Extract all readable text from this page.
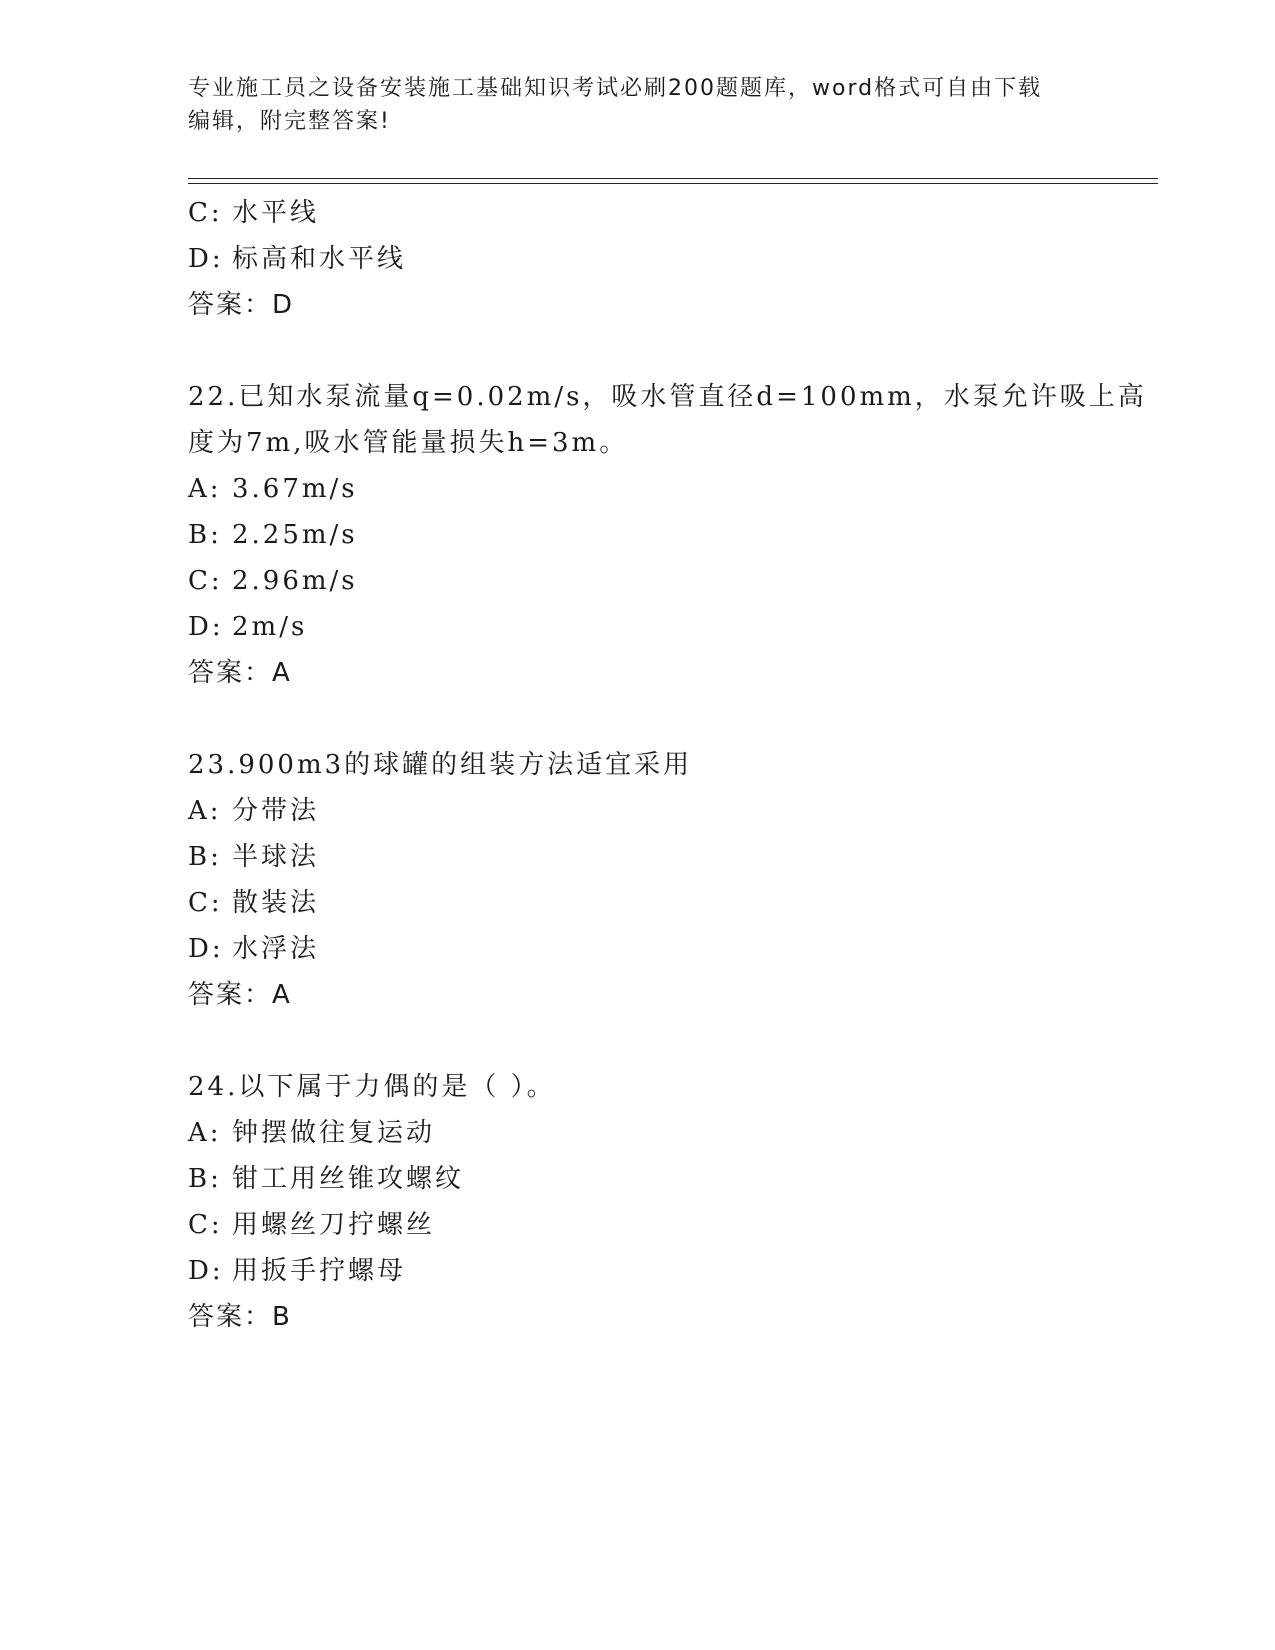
专业施工员之设备安装施工基础知识考试必刷200题题库，word格式可自由下载
编辑，附完整答案!
C: 水平线
D: 标高和水平线
答案：D
22.已知水泵流量q=0.02m/s，吸水管直径d=100mm，水泵允许吸上高
度为7m,吸水管能量损失h=3m。
A: 3.67m/s
B: 2.25m/s
C: 2.96m/s
D: 2m/s
答案：A
23.900m3的球罐的组装方法适宜采用
A: 分带法
B: 半球法
C: 散装法
D: 水浮法
答案：A
24.以下属于力偶的是（ ）。
A: 钟摆做往复运动
B: 钳工用丝锥攻螺纹
C: 用螺丝刀拧螺丝
D: 用扳手拧螺母
答案：B
